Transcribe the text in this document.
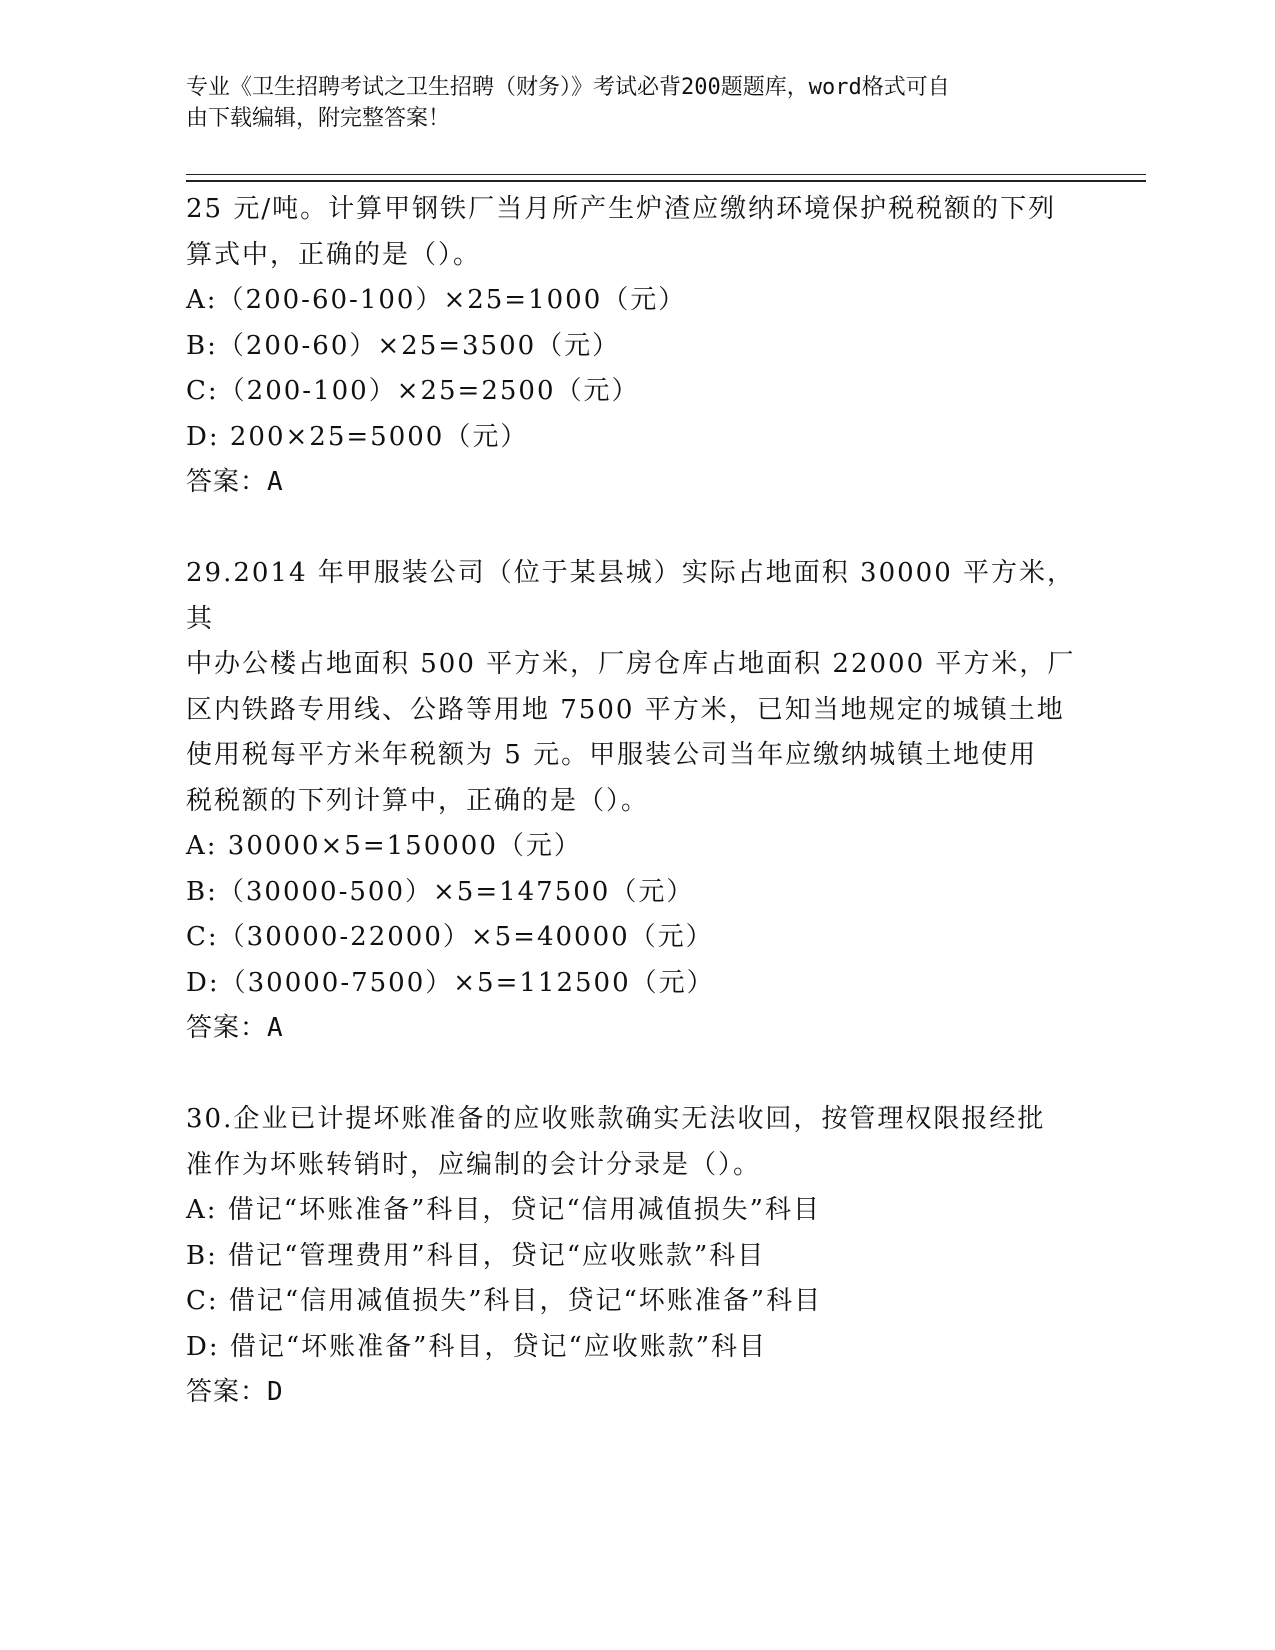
专业《卫生招聘考试之卫生招聘（财务）》考试必背200题题库，word格式可自
由下载编辑，附完整答案！

25 元/吨。计算甲钢铁厂当月所产生炉渣应缴纳环境保护税税额的下列

算式中，正确的是（）。

A:（200-60-100）×25=1000（元）

B:（200-60）×25=3500（元）

C:（200-100）×25=2500（元）

D: 200×25=5000（元）

答案：A

29.2014 年甲服装公司（位于某县城）实际占地面积 30000 平方米，其

中办公楼占地面积 500 平方米，厂房仓库占地面积 22000 平方米，厂

区内铁路专用线、公路等用地 7500 平方米，已知当地规定的城镇土地

使用税每平方米年税额为 5 元。甲服装公司当年应缴纳城镇土地使用

税税额的下列计算中，正确的是（）。

A: 30000×5=150000（元）

B:（30000-500）×5=147500（元）

C:（30000-22000）×5=40000（元）

D:（30000-7500）×5=112500（元）

答案：A

30.企业已计提坏账准备的应收账款确实无法收回，按管理权限报经批

准作为坏账转销时，应编制的会计分录是（）。

A: 借记“坏账准备”科目，贷记“信用减值损失”科目

B: 借记“管理费用”科目，贷记“应收账款”科目

C: 借记“信用减值损失”科目，贷记“坏账准备”科目

D: 借记“坏账准备”科目，贷记“应收账款”科目

答案：D
